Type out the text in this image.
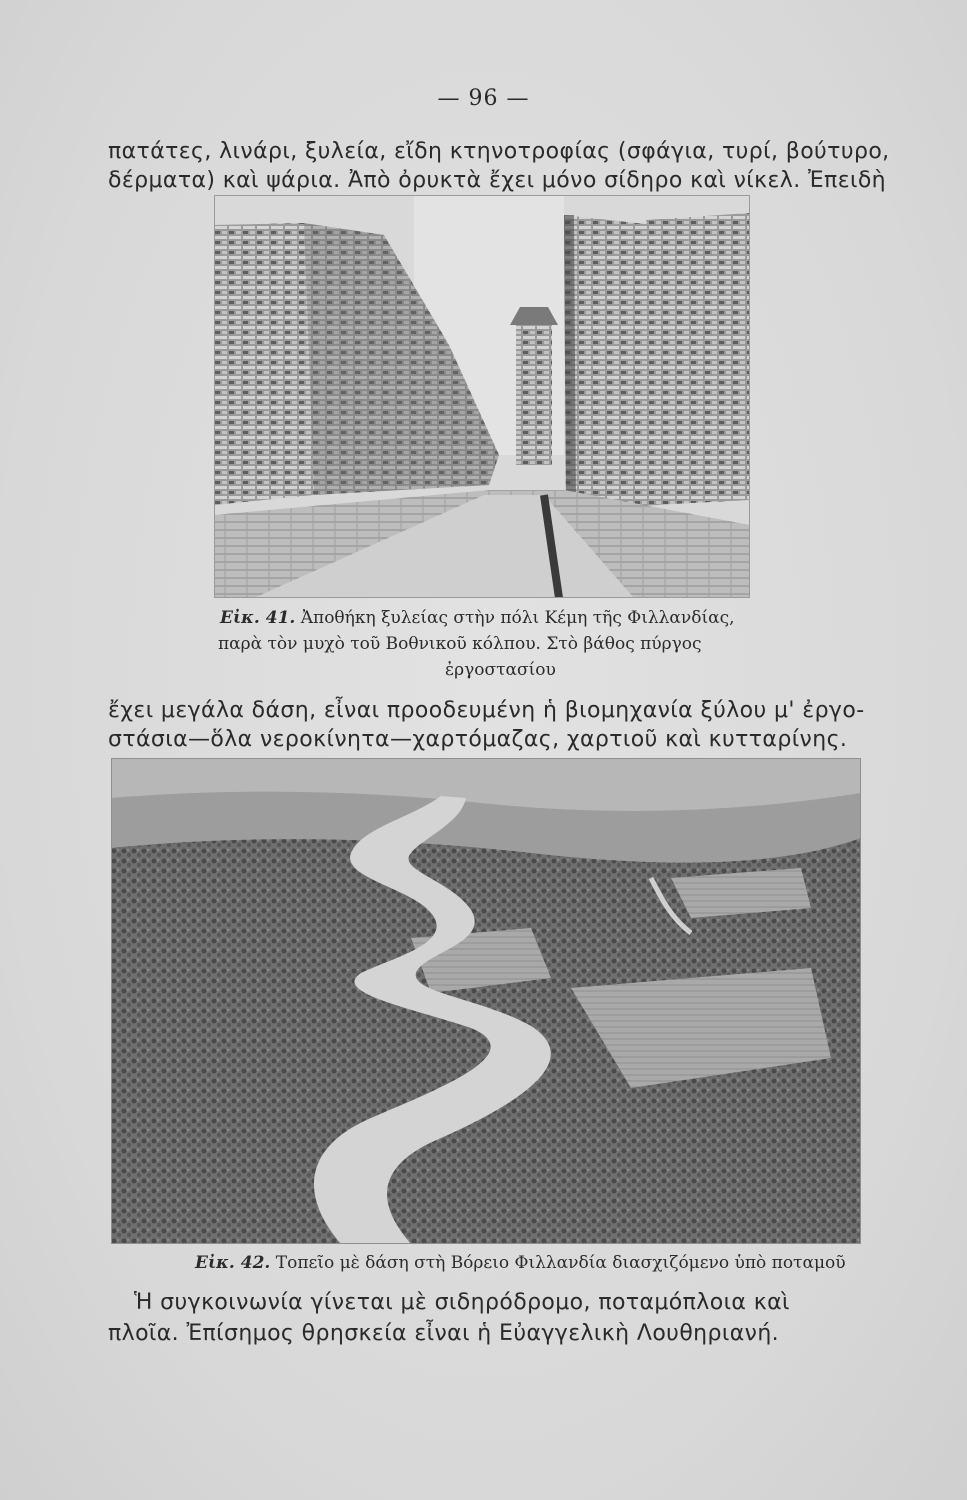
— 96 —
πατάτες, λινάρι, ξυλεία, εἴδη κτηνοτροφίας (σφάγια, τυρί, βούτυρο,
δέρματα) καὶ ψάρια. Ἀπὸ ὀρυκτὰ ἔχει μόνο σίδηρο καὶ νίκελ. Ἐπειδὴ
Εἰκ. 41. Ἀποθήκη ξυλείας στὴν πόλι Κέμη τῆς Φιλλανδίας,
παρὰ τὸν μυχὸ τοῦ Βοθνικοῦ κόλπου. Στὸ βάθος πύργος
ἐργοστασίου
ἔχει μεγάλα δάση, εἶναι προοδευμένη ἡ βιομηχανία ξύλου μ' ἐργο-
στάσια—ὅλα νεροκίνητα—χαρτόμαζας, χαρτιοῦ καὶ κυτταρίνης.
Εἰκ. 42. Τοπεῖο μὲ δάση στὴ Βόρειο Φιλλανδία διασχιζόμενο ὑπὸ ποταμοῦ
Ἡ συγκοινωνία γίνεται μὲ σιδηρόδρομο, ποταμόπλοια καὶ
πλοῖα. Ἐπίσημος θρησκεία εἶναι ἡ Εὐαγγελικὴ Λουθηριανή.
